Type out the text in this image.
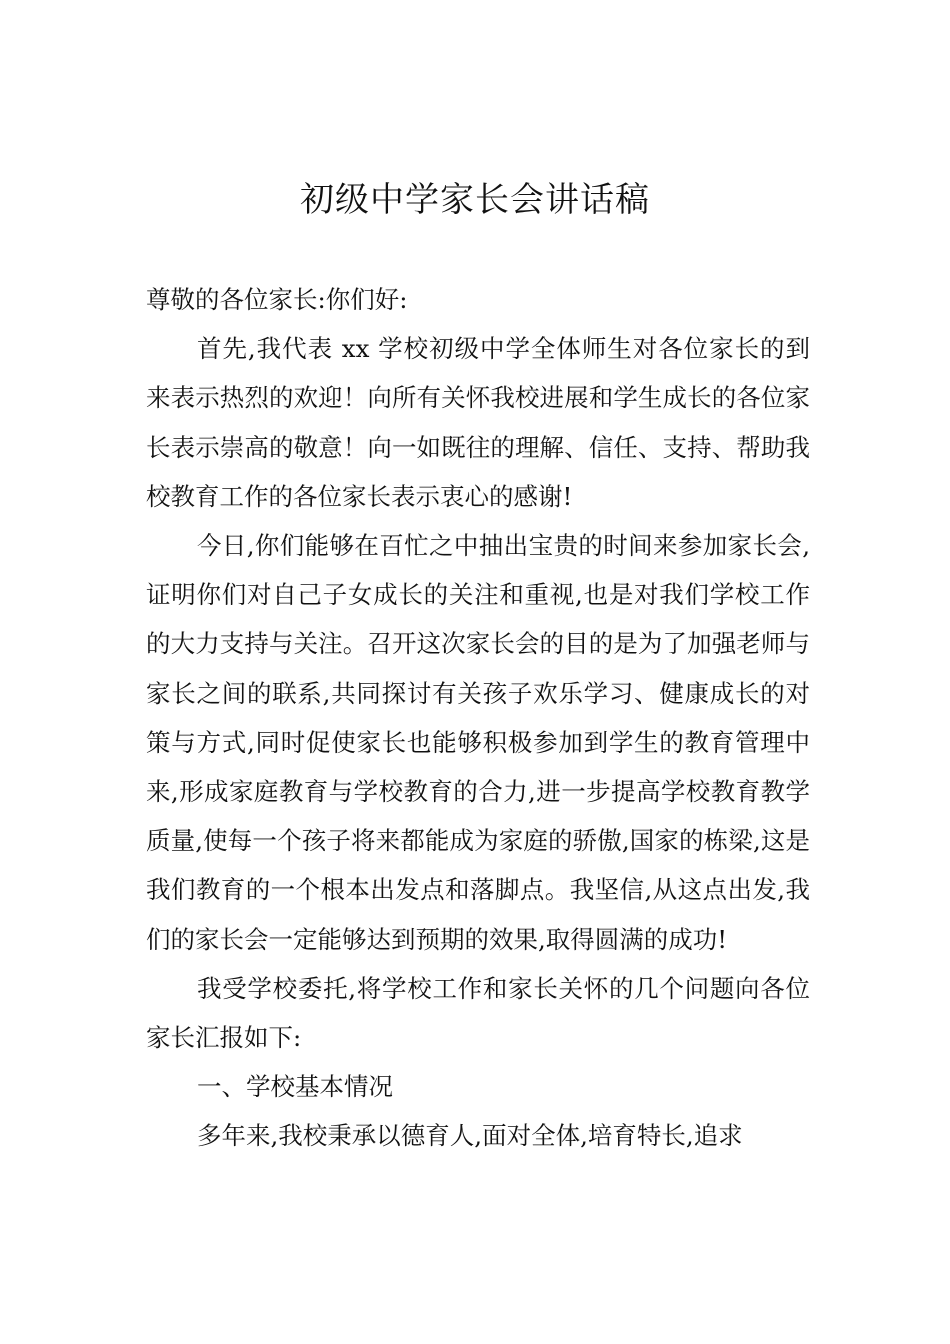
初级中学家长会讲话稿

尊敬的各位家长:你们好:

首先,我代表 xx 学校初级中学全体师生对各位家长的到来表示热烈的欢迎！向所有关怀我校进展和学生成长的各位家长表示崇高的敬意！向一如既往的理解、信任、支持、帮助我校教育工作的各位家长表示衷心的感谢!

今日,你们能够在百忙之中抽出宝贵的时间来参加家长会,证明你们对自己子女成长的关注和重视,也是对我们学校工作的大力支持与关注。召开这次家长会的目的是为了加强老师与家长之间的联系,共同探讨有关孩子欢乐学习、健康成长的对策与方式,同时促使家长也能够积极参加到学生的教育管理中来,形成家庭教育与学校教育的合力,进一步提高学校教育教学质量,使每一个孩子将来都能成为家庭的骄傲,国家的栋梁,这是我们教育的一个根本出发点和落脚点。我坚信,从这点出发,我们的家长会一定能够达到预期的效果,取得圆满的成功!

我受学校委托,将学校工作和家长关怀的几个问题向各位家长汇报如下:

一、学校基本情况

多年来,我校秉承以德育人,面对全体,培育特长,追求
